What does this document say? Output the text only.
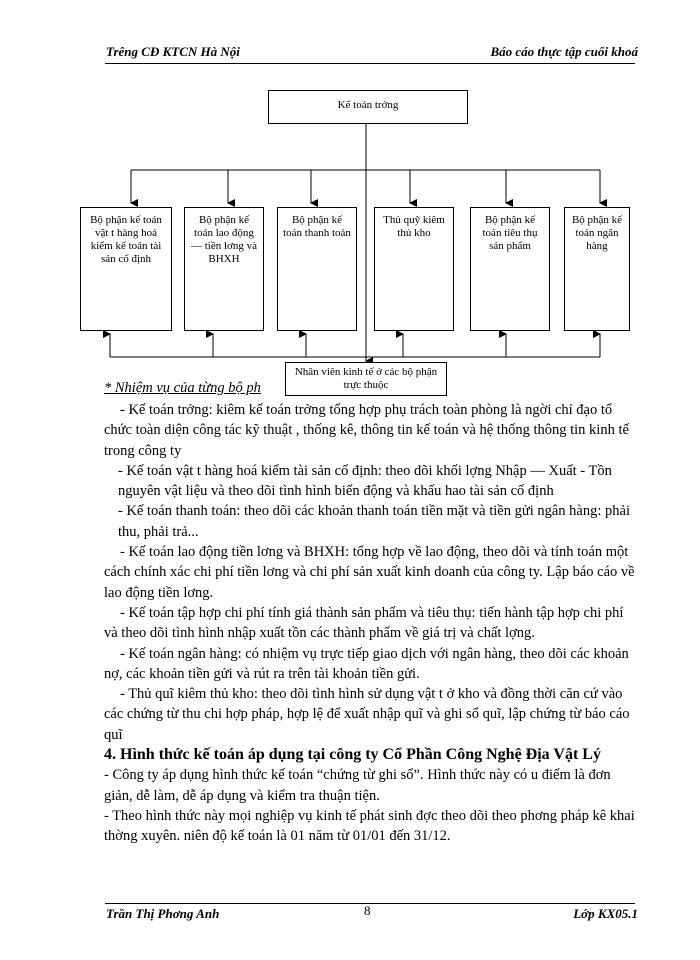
Trêng CĐ KTCN Hà Nội	Báo cáo thực tập cuối khoá
Kế toán trởng
Bộ phận kế toán vật t hàng hoá kiểm kế toán tài sản cố định
Bộ phận kế toán lao động — tiền lơng và BHXH
Bộ phận kế toán thanh toán
Thủ quỹ kiêm thủ kho
Bộ phận kế toán tiêu thụ sản phẩm
Bộ phận kế toán ngân hàng
Nhân viên kinh tế ở các bộ phận trực thuộc
* Nhiệm vụ của từng bộ ph

- Kế toán trởng: kiêm kế toán trởng tổng hợp phụ trách toàn phòng là ngời chỉ đạo tổ chức toàn diện công tác kỹ thuật , thống kê, thông tin kế toán và hệ thống thông tin kinh tế trong công ty

- Kế toán vật t hàng hoá kiểm tài sản cố định: theo dõi khối lợng Nhập — Xuất - Tồn nguyên vật liệu và theo dõi tình hình biến động và khấu hao tài sản cố định

- Kế toán thanh toán: theo dõi các khoản thanh toán tiền mặt và tiền gửi ngân hàng: phải thu, phải trả...

- Kế toán lao động tiền lơng và BHXH: tổng hợp về lao động, theo dõi và tính toán một cách chính xác chi phí tiền lơng và chi phí sản xuất kinh doanh của công ty. Lập báo cáo về lao động tiền lơng.

- Kế toán tập hợp chi phí tính giá thành sản phẩm và tiêu thụ: tiến hành tập hợp chi phí và theo dõi tình hình nhập xuất tồn các thành phẩm về giá trị và chất lợng.

- Kế toán ngân hàng: có nhiệm vụ trực tiếp giao dịch với ngân hàng, theo dõi các khoản nợ, các khoản tiền gửi và rút ra trên tài khoản tiền gửi.

- Thủ quĩ kiêm thủ kho: theo dõi tình hình sử dụng vật t ở kho và đồng thời căn cứ vào các chứng từ thu chi hợp pháp, hợp lệ để xuất nhập quĩ và ghi sổ quĩ, lập chứng từ báo cáo quĩ

4. Hình thức kế toán áp dụng tại công ty Cổ Phần Công Nghệ Địa Vật Lý

- Công ty áp dụng hình thức kế toán “chứng từ ghi sổ”. Hình thức này có u điểm là đơn giản, dễ làm, dễ áp dụng và kiểm tra thuận tiện.

- Theo hình thức này mọi nghiệp vụ kinh tế phát sinh đợc theo dõi theo phơng pháp kê khai thờng xuyên. niên độ kế toán là 01 năm từ 01/01 đến 31/12.

Trần Thị Phơng Anh	8	Lớp KX05.1
